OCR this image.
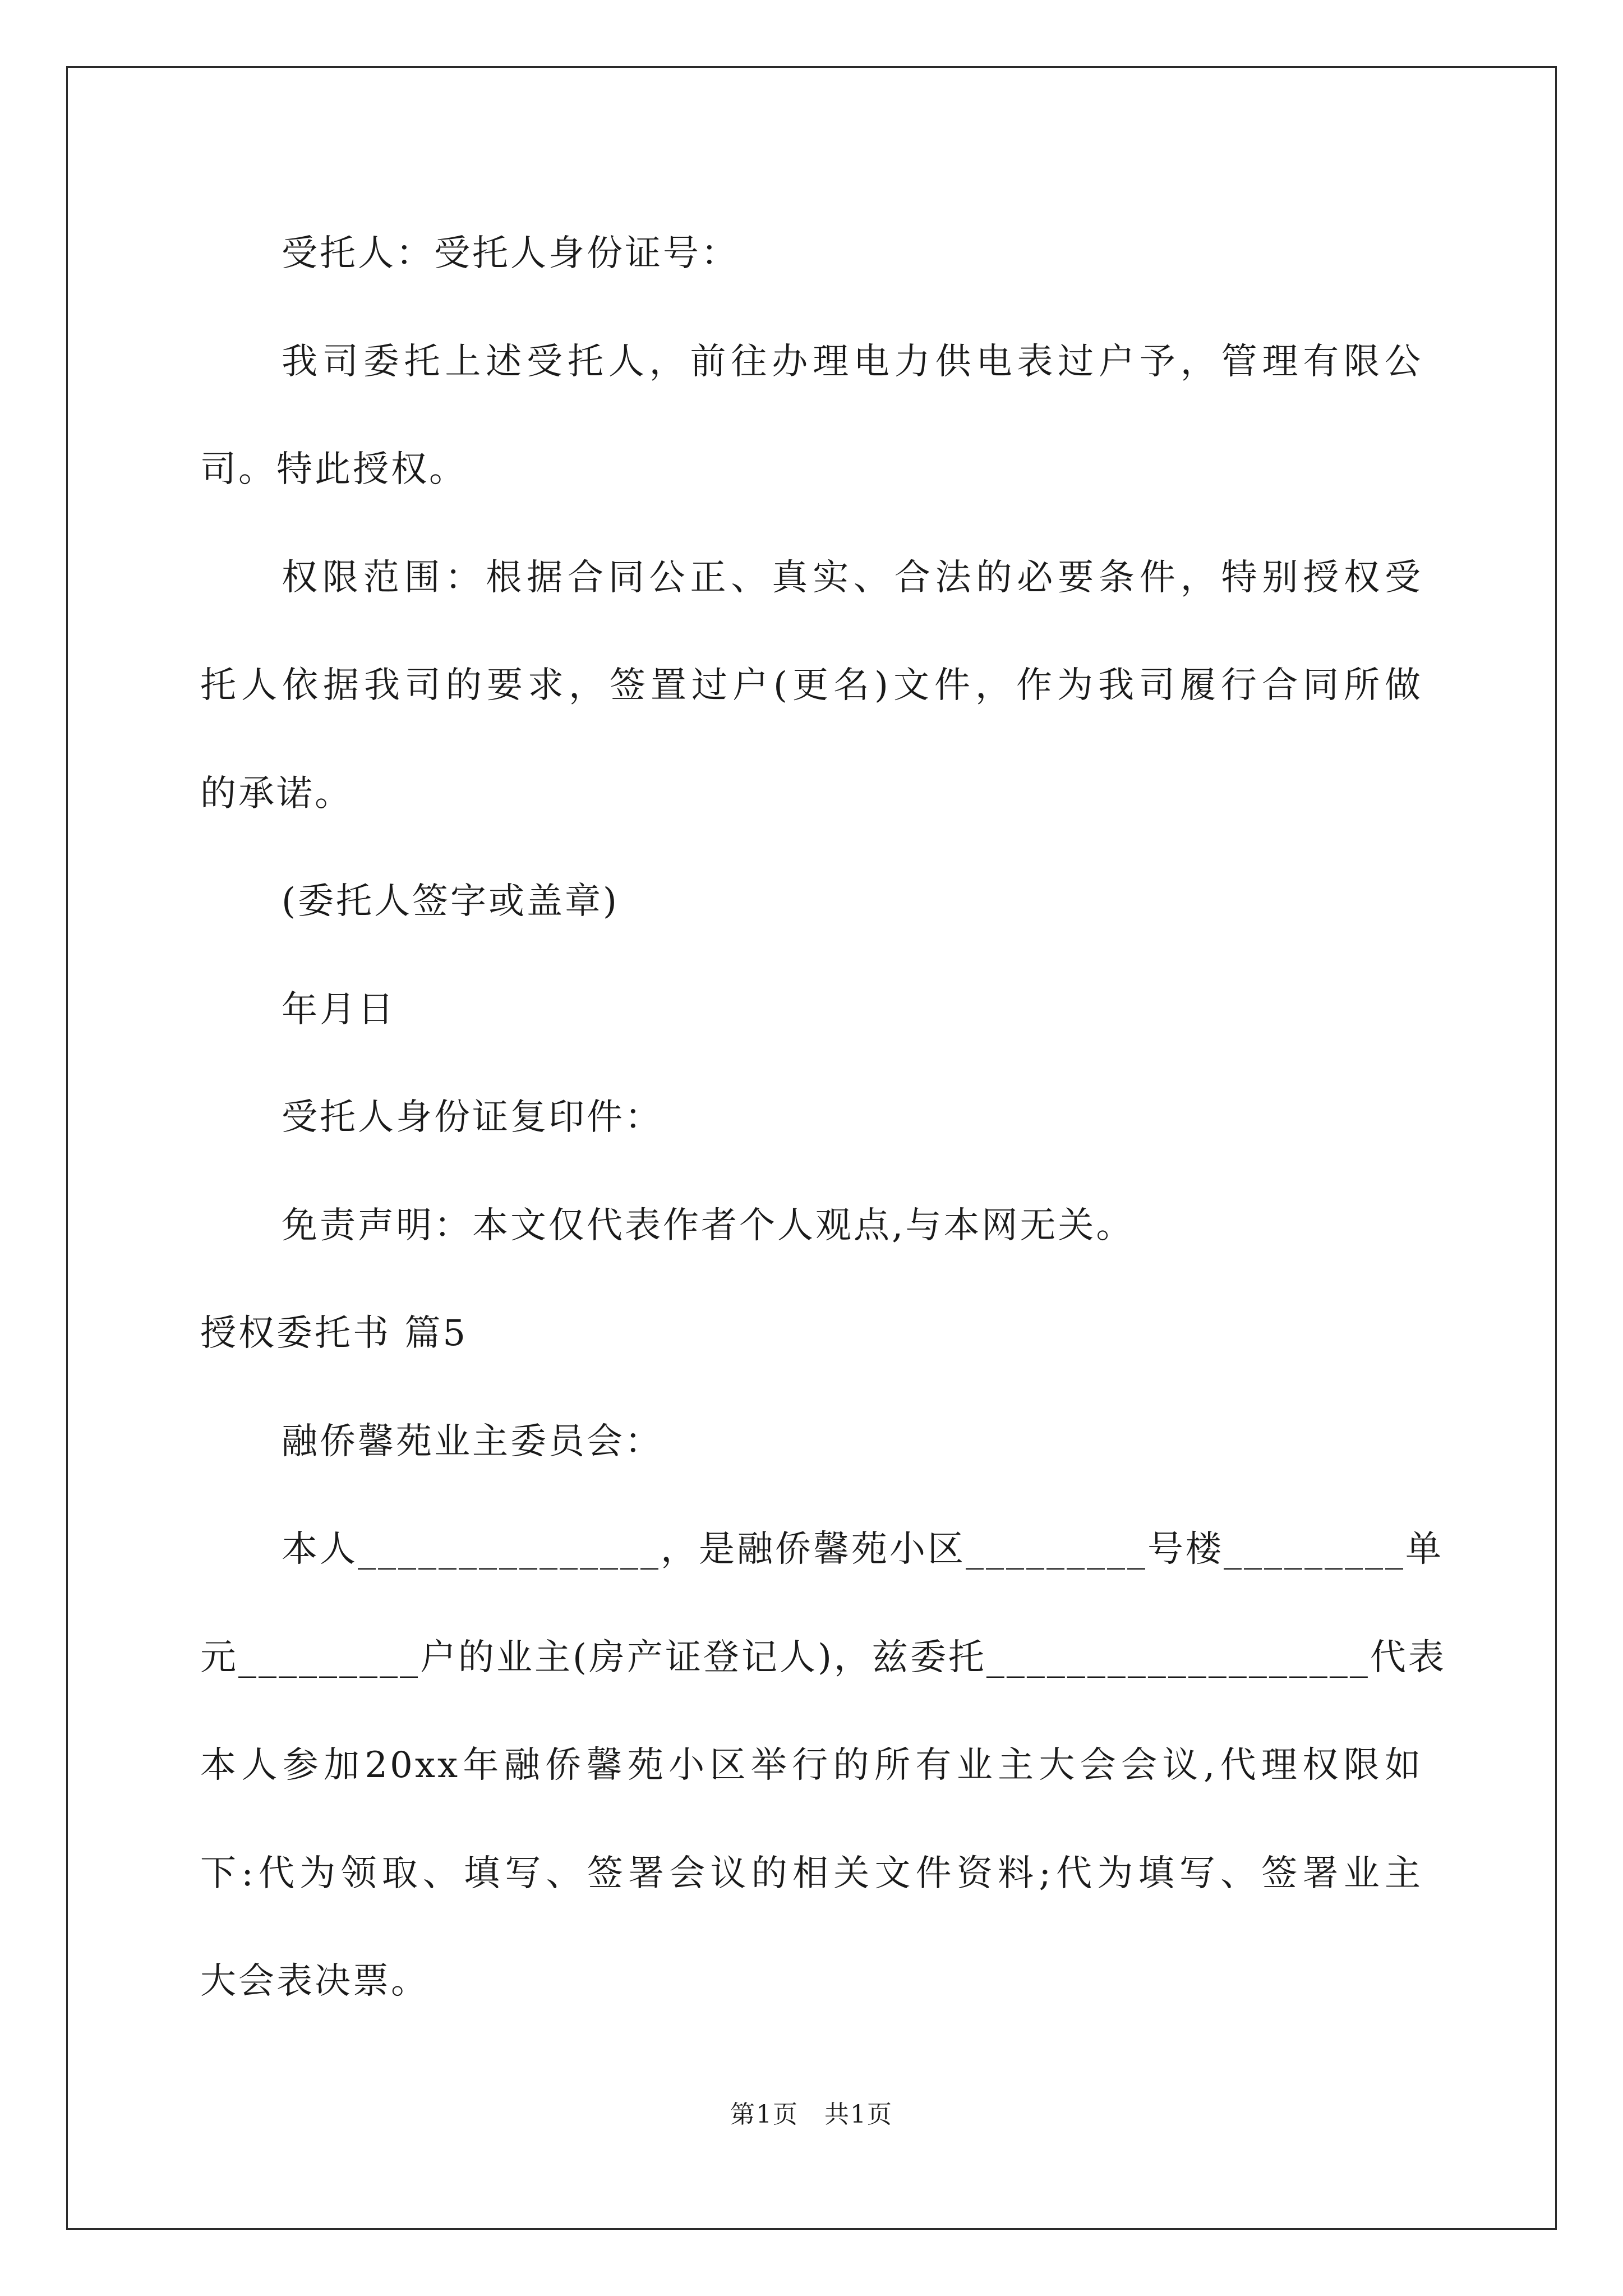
受托人：受托人身份证号：
我司委托上述受托人，前往办理电力供电表过户予，管理有限公
司。特此授权。
权限范围：根据合同公正、真实、合法的必要条件，特别授权受
托人依据我司的要求，签置过户(更名)文件，作为我司履行合同所做
的承诺。
(委托人签字或盖章)
年月日
受托人身份证复印件：
免责声明：本文仅代表作者个人观点,与本网无关。
授权委托书 篇5
融侨馨苑业主委员会：
本人_______________，是融侨馨苑小区_________号楼_________单
元_________户的业主(房产证登记人)，兹委托___________________代表
本人参加20xx年融侨馨苑小区举行的所有业主大会会议,代理权限如
下:代为领取、填写、签署会议的相关文件资料;代为填写、签署业主
大会表决票。
第1页　共1页
